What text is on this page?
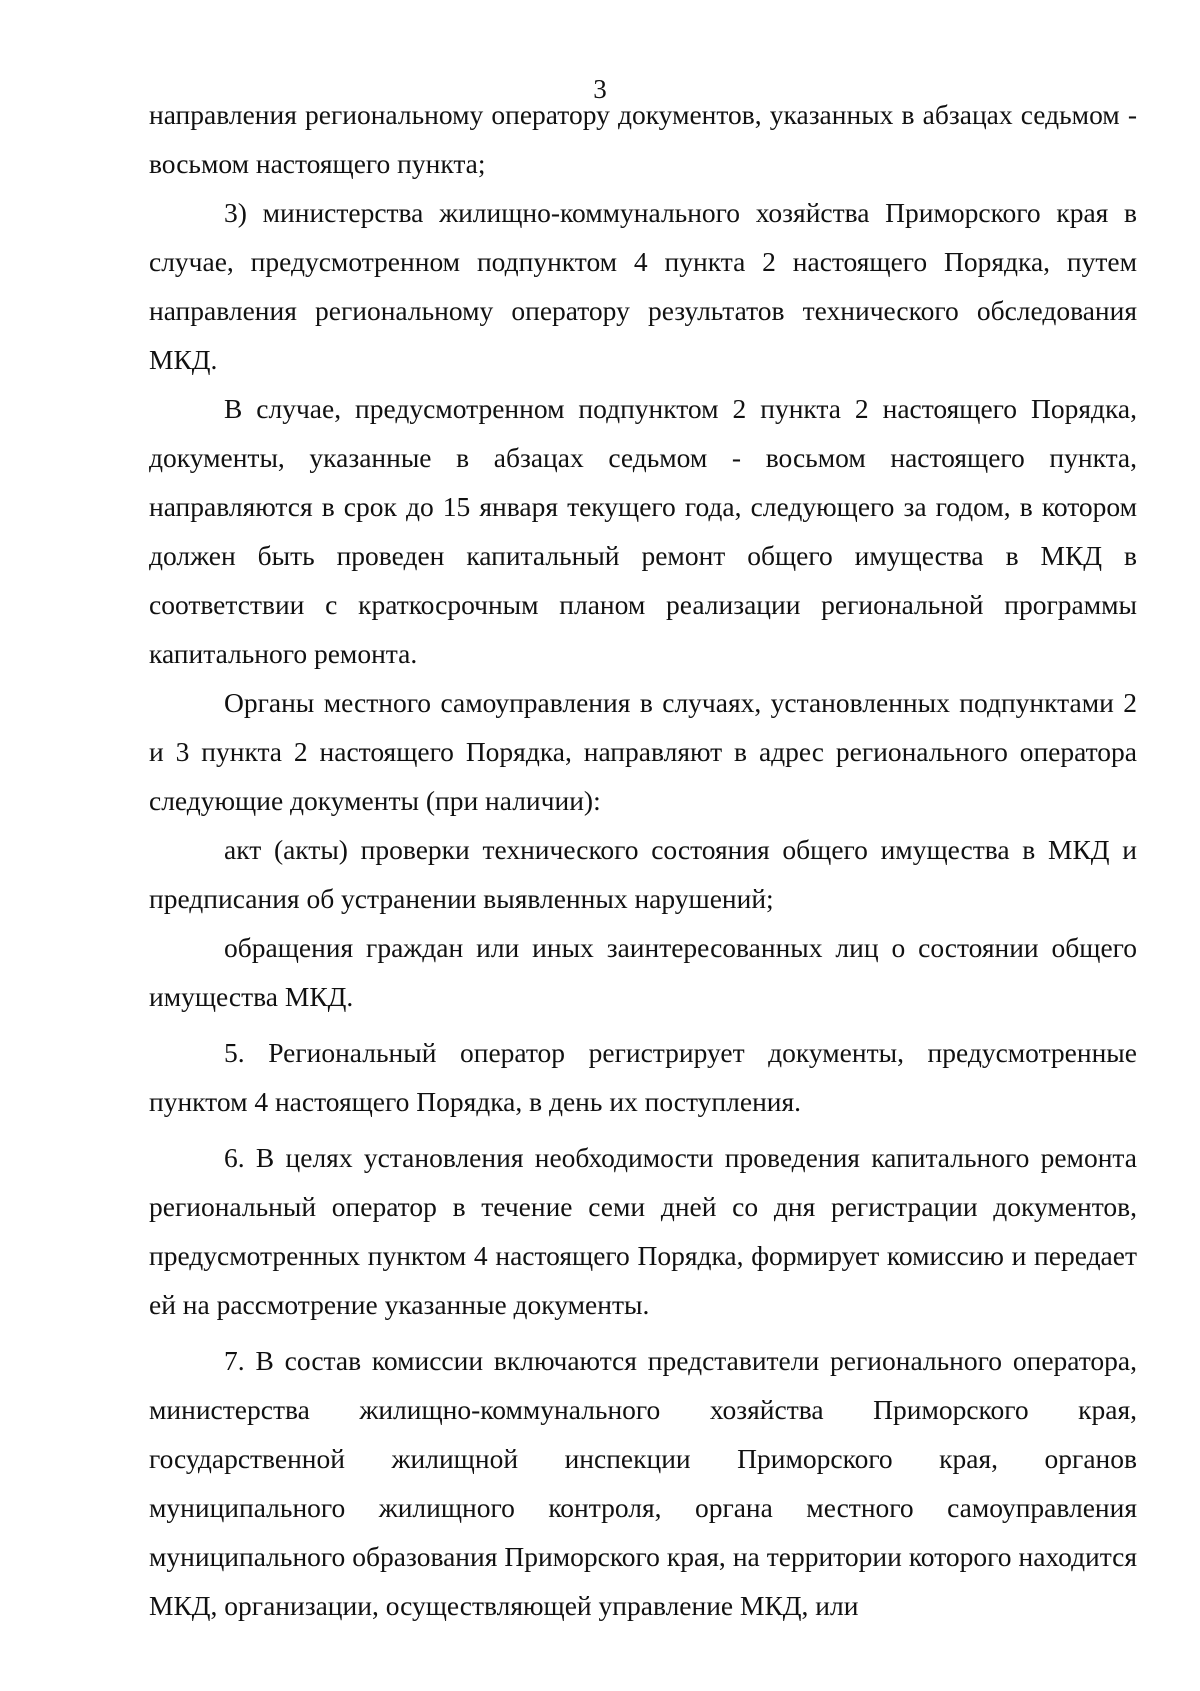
3

направления региональному оператору документов, указанных в абзацах седьмом - восьмом настоящего пункта;

3) министерства жилищно-коммунального хозяйства Приморского края в случае, предусмотренном подпунктом 4 пункта 2 настоящего Порядка, путем направления региональному оператору результатов технического обследования МКД.

В случае, предусмотренном подпунктом 2 пункта 2 настоящего Порядка, документы, указанные в абзацах седьмом - восьмом настоящего пункта, направляются в срок до 15 января текущего года, следующего за годом, в котором должен быть проведен капитальный ремонт общего имущества в МКД в соответствии с краткосрочным планом реализации региональной программы капитального ремонта.

Органы местного самоуправления в случаях, установленных подпунктами 2 и 3 пункта 2 настоящего Порядка, направляют в адрес регионального оператора следующие документы (при наличии):

акт (акты) проверки технического состояния общего имущества в МКД и предписания об устранении выявленных нарушений;

обращения граждан или иных заинтересованных лиц о состоянии общего имущества МКД.

5. Региональный оператор регистрирует документы, предусмотренные пунктом 4 настоящего Порядка, в день их поступления.

6. В целях установления необходимости проведения капитального ремонта региональный оператор в течение семи дней со дня регистрации документов, предусмотренных пунктом 4 настоящего Порядка, формирует комиссию и передает ей на рассмотрение указанные документы.

7. В состав комиссии включаются представители регионального оператора, министерства жилищно-коммунального хозяйства Приморского края, государственной жилищной инспекции Приморского края, органов муниципального жилищного контроля, органа местного самоуправления муниципального образования Приморского края, на территории которого находится МКД, организации, осуществляющей управление МКД, или
